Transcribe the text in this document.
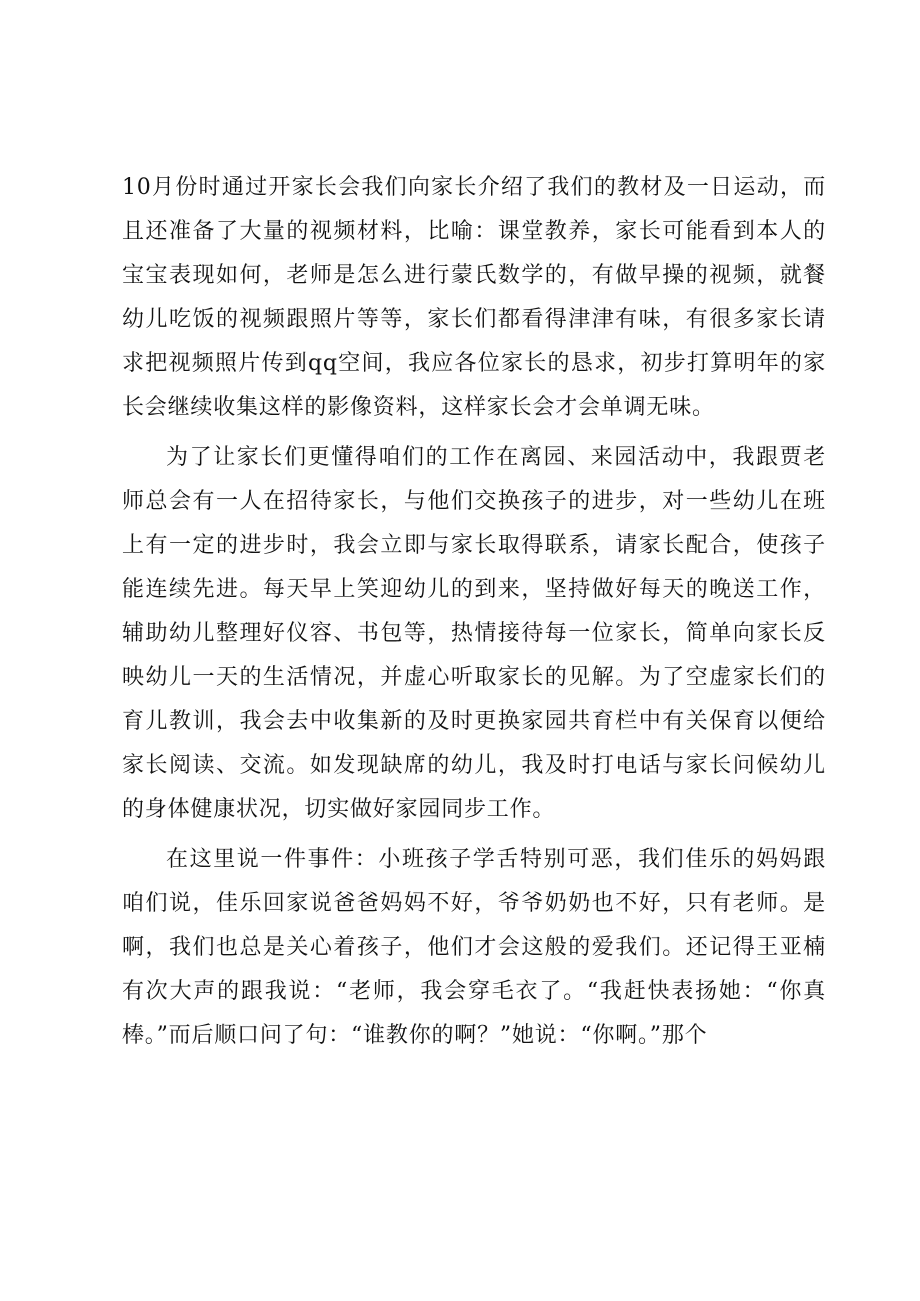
10月份时通过开家长会我们向家长介绍了我们的教材及一日运动，而且还准备了大量的视频材料，比喻：课堂教养，家长可能看到本人的宝宝表现如何，老师是怎么进行蒙氏数学的，有做早操的视频，就餐幼儿吃饭的视频跟照片等等，家长们都看得津津有味，有很多家长请求把视频照片传到qq空间，我应各位家长的恳求，初步打算明年的家长会继续收集这样的影像资料，这样家长会才会单调无味。

为了让家长们更懂得咱们的工作在离园、来园活动中，我跟贾老师总会有一人在招待家长，与他们交换孩子的进步，对一些幼儿在班上有一定的进步时，我会立即与家长取得联系，请家长配合，使孩子能连续先进。每天早上笑迎幼儿的到来，坚持做好每天的晚送工作，辅助幼儿整理好仪容、书包等，热情接待每一位家长，简单向家长反映幼儿一天的生活情况，并虚心听取家长的见解。为了空虚家长们的育儿教训，我会去中收集新的及时更换家园共育栏中有关保育以便给家长阅读、交流。如发现缺席的幼儿，我及时打电话与家长问候幼儿的身体健康状况，切实做好家园同步工作。

在这里说一件事件：小班孩子学舌特别可恶，我们佳乐的妈妈跟咱们说，佳乐回家说爸爸妈妈不好，爷爷奶奶也不好，只有老师。是啊，我们也总是关心着孩子，他们才会这般的爱我们。还记得王亚楠有次大声的跟我说：“老师，我会穿毛衣了。“我赶快表扬她：“你真棒。”而后顺口问了句：“谁教你的啊？”她说：“你啊。”那个
